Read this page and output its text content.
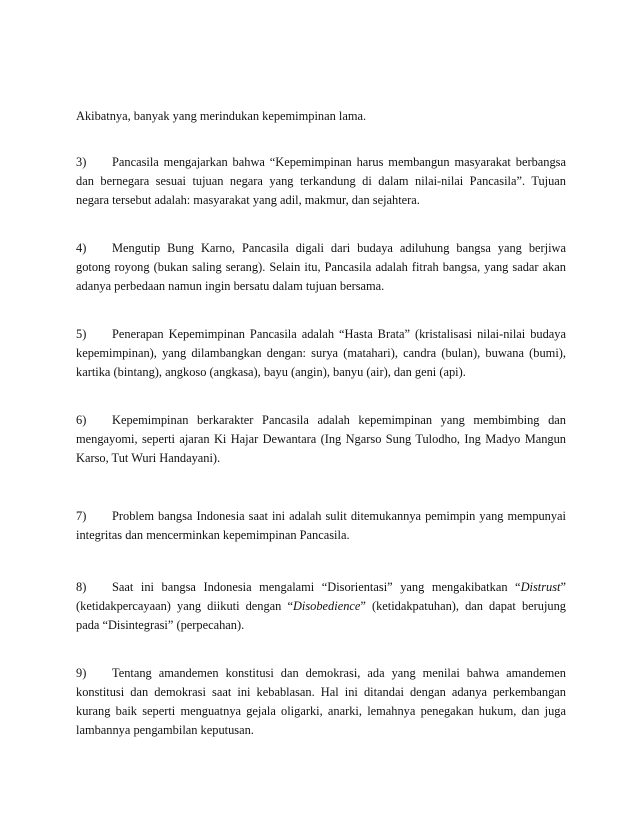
Akibatnya, banyak yang merindukan kepemimpinan lama.

3) Pancasila mengajarkan bahwa “Kepemimpinan harus membangun masyarakat berbangsa
dan bernegara sesuai tujuan negara yang terkandung di dalam nilai-nilai Pancasila”. Tujuan
negara tersebut adalah: masyarakat yang adil, makmur, dan sejahtera.

4) Mengutip Bung Karno, Pancasila digali dari budaya adiluhung bangsa yang berjiwa
gotong royong (bukan saling serang). Selain itu, Pancasila adalah fitrah bangsa, yang sadar akan
adanya perbedaan namun ingin bersatu dalam tujuan bersama.

5) Penerapan Kepemimpinan Pancasila adalah “Hasta Brata” (kristalisasi nilai-nilai budaya
kepemimpinan), yang dilambangkan dengan: surya (matahari), candra (bulan), buwana (bumi),
kartika (bintang), angkoso (angkasa), bayu (angin), banyu (air), dan geni (api).

6) Kepemimpinan berkarakter Pancasila adalah kepemimpinan yang membimbing dan
mengayomi, seperti ajaran Ki Hajar Dewantara (Ing Ngarso Sung Tulodho, Ing Madyo Mangun
Karso, Tut Wuri Handayani).

7) Problem bangsa Indonesia saat ini adalah sulit ditemukannya pemimpin yang mempunyai
integritas dan mencerminkan kepemimpinan Pancasila.

8) Saat ini bangsa Indonesia mengalami “Disorientasi” yang mengakibatkan “Distrust”
(ketidakpercayaan) yang diikuti dengan “Disobedience” (ketidakpatuhan), dan dapat berujung
pada “Disintegrasi” (perpecahan).

9) Tentang amandemen konstitusi dan demokrasi, ada yang menilai bahwa amandemen
konstitusi dan demokrasi saat ini kebablasan. Hal ini ditandai dengan adanya perkembangan
kurang baik seperti menguatnya gejala oligarki, anarki, lemahnya penegakan hukum, dan juga
lambannya pengambilan keputusan.
